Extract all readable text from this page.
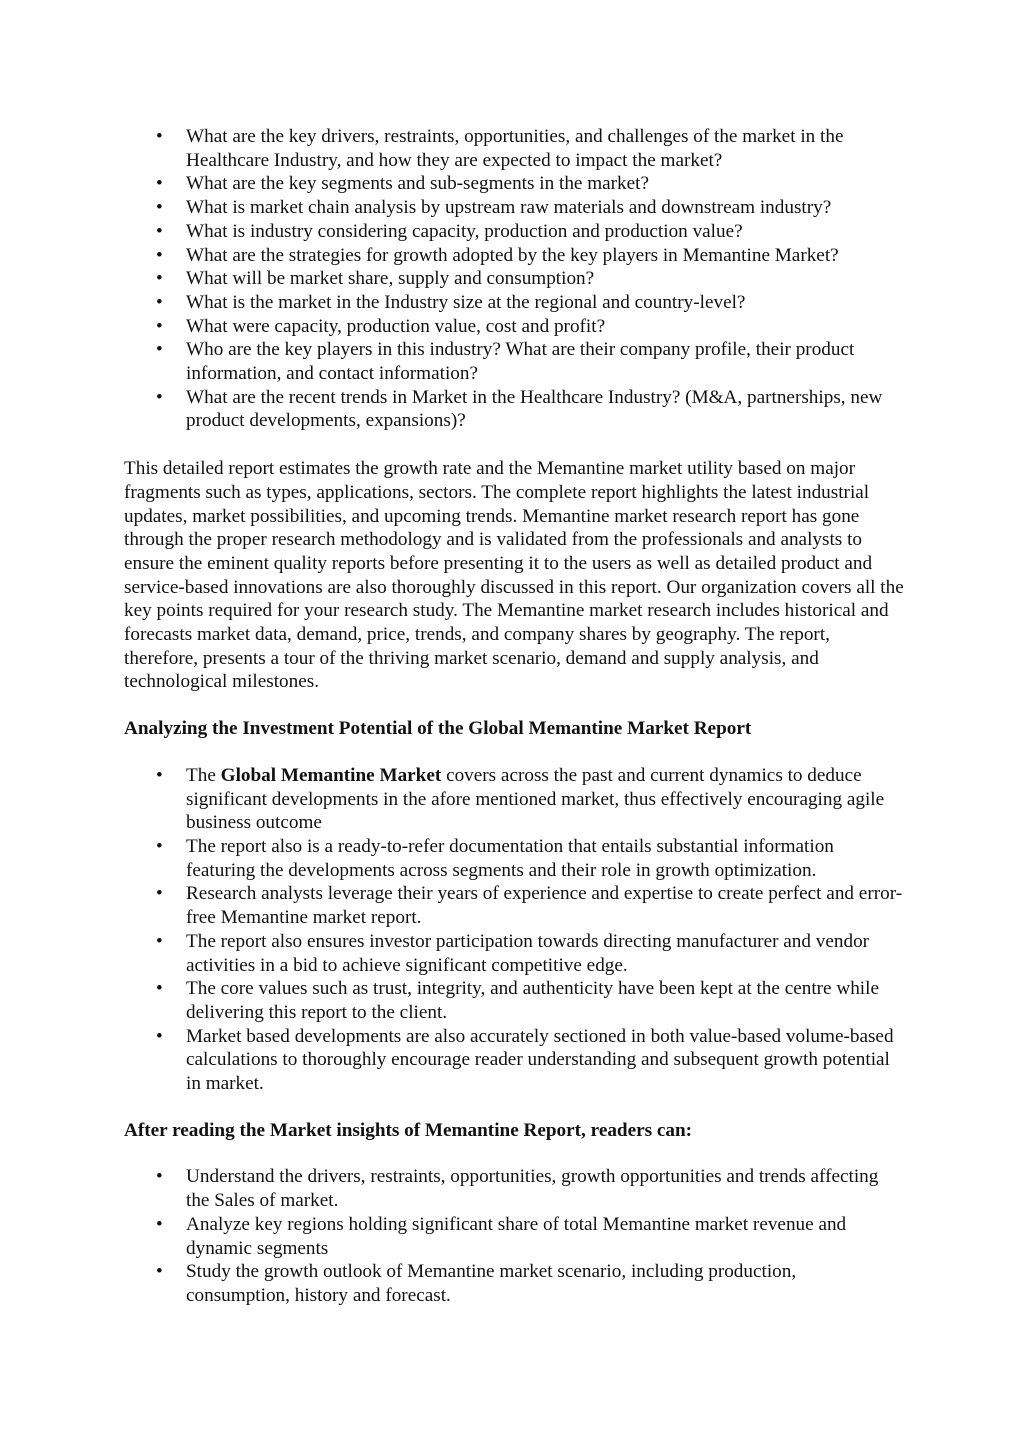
• What are the key drivers, restraints, opportunities, and challenges of the market in the Healthcare Industry, and how they are expected to impact the market?
• What are the key segments and sub-segments in the market?
• What is market chain analysis by upstream raw materials and downstream industry?
• What is industry considering capacity, production and production value?
• What are the strategies for growth adopted by the key players in Memantine Market?
• What will be market share, supply and consumption?
• What is the market in the Industry size at the regional and country-level?
• What were capacity, production value, cost and profit?
• Who are the key players in this industry? What are their company profile, their product information, and contact information?
• What are the recent trends in Market in the Healthcare Industry? (M&A, partnerships, new product developments, expansions)?

This detailed report estimates the growth rate and the Memantine market utility based on major fragments such as types, applications, sectors. The complete report highlights the latest industrial updates, market possibilities, and upcoming trends. Memantine market research report has gone through the proper research methodology and is validated from the professionals and analysts to ensure the eminent quality reports before presenting it to the users as well as detailed product and service-based innovations are also thoroughly discussed in this report. Our organization covers all the key points required for your research study. The Memantine market research includes historical and forecasts market data, demand, price, trends, and company shares by geography. The report, therefore, presents a tour of the thriving market scenario, demand and supply analysis, and technological milestones.

Analyzing the Investment Potential of the Global Memantine Market Report
• The Global Memantine Market covers across the past and current dynamics to deduce significant developments in the afore mentioned market, thus effectively encouraging agile business outcome
• The report also is a ready-to-refer documentation that entails substantial information featuring the developments across segments and their role in growth optimization.
• Research analysts leverage their years of experience and expertise to create perfect and error-free Memantine market report.
• The report also ensures investor participation towards directing manufacturer and vendor activities in a bid to achieve significant competitive edge.
• The core values such as trust, integrity, and authenticity have been kept at the centre while delivering this report to the client.
• Market based developments are also accurately sectioned in both value-based volume-based calculations to thoroughly encourage reader understanding and subsequent growth potential in market.
After reading the Market insights of Memantine Report, readers can:
• Understand the drivers, restraints, opportunities, growth opportunities and trends affecting the Sales of market.
• Analyze key regions holding significant share of total Memantine market revenue and dynamic segments
• Study the growth outlook of Memantine market scenario, including production, consumption, history and forecast.
